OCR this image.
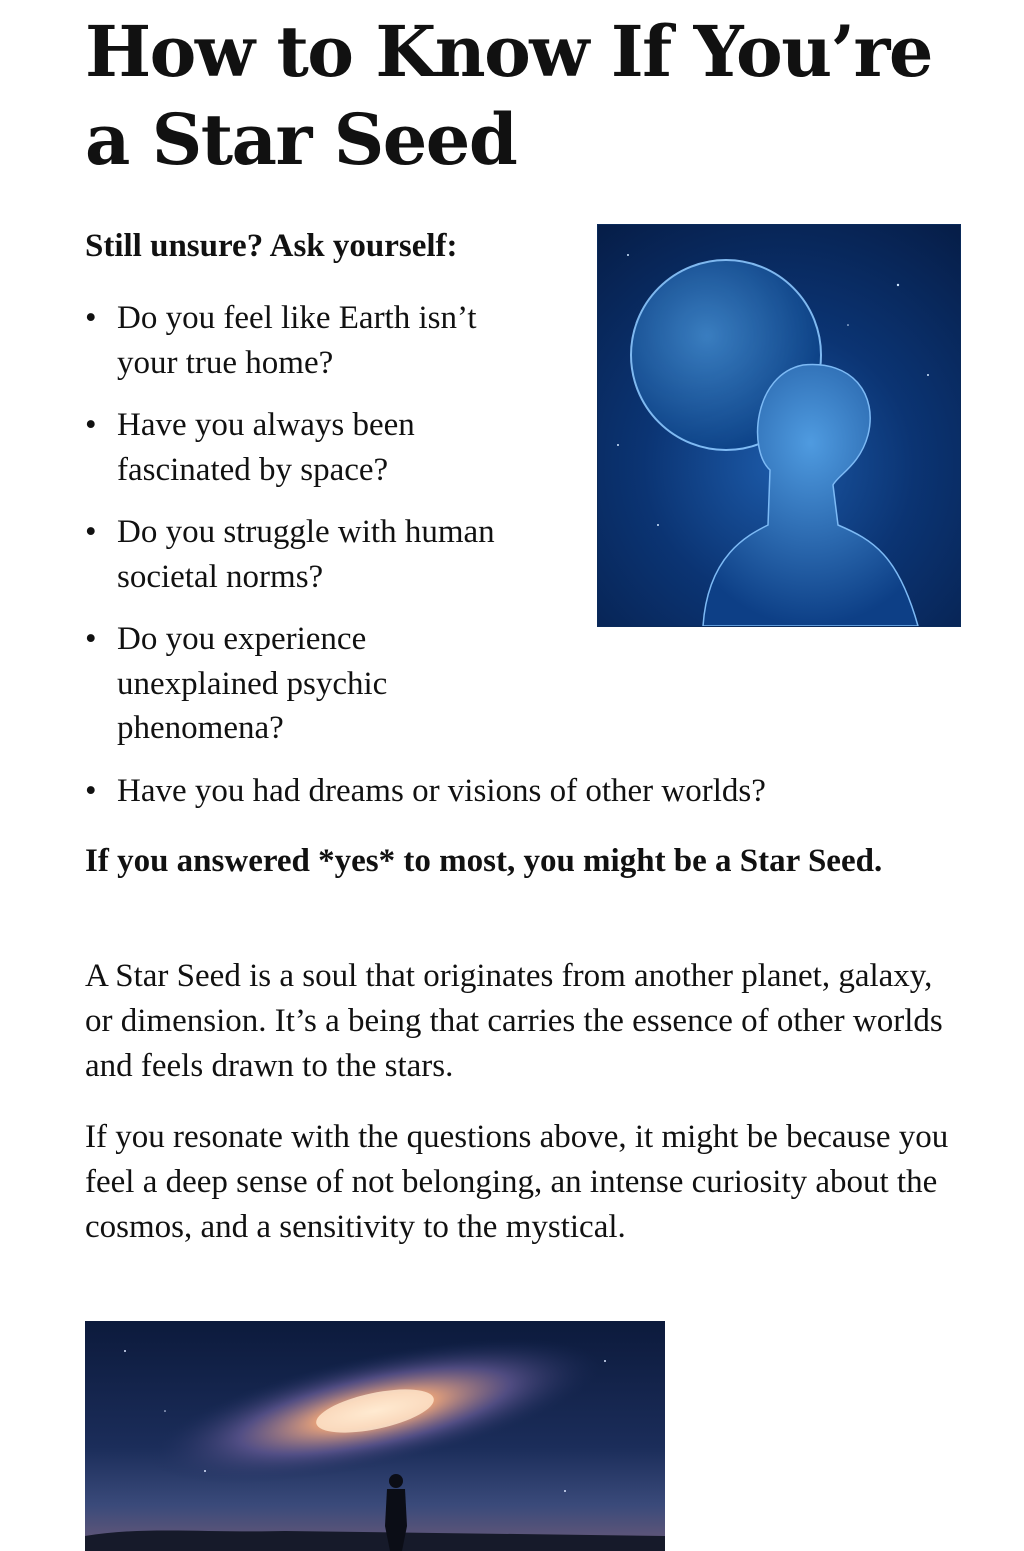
How to Know If You’re a Star Seed

Still unsure? Ask yourself:

• Do you feel like Earth isn’t your true home?
• Have you always been fascinated by space?
• Do you struggle with human societal norms?
• Do you experience unexplained psychic phenomena?
• Have you had dreams or visions of other worlds?

If you answered *yes* to most, you might be a Star Seed.

A Star Seed is a soul that originates from another planet, galaxy, or dimension. It’s a being that carries the essence of other worlds and feels drawn to the stars.

If you resonate with the questions above, it might be because you feel a deep sense of not belonging, an intense curiosity about the cosmos, and a sensitivity to the mystical.
